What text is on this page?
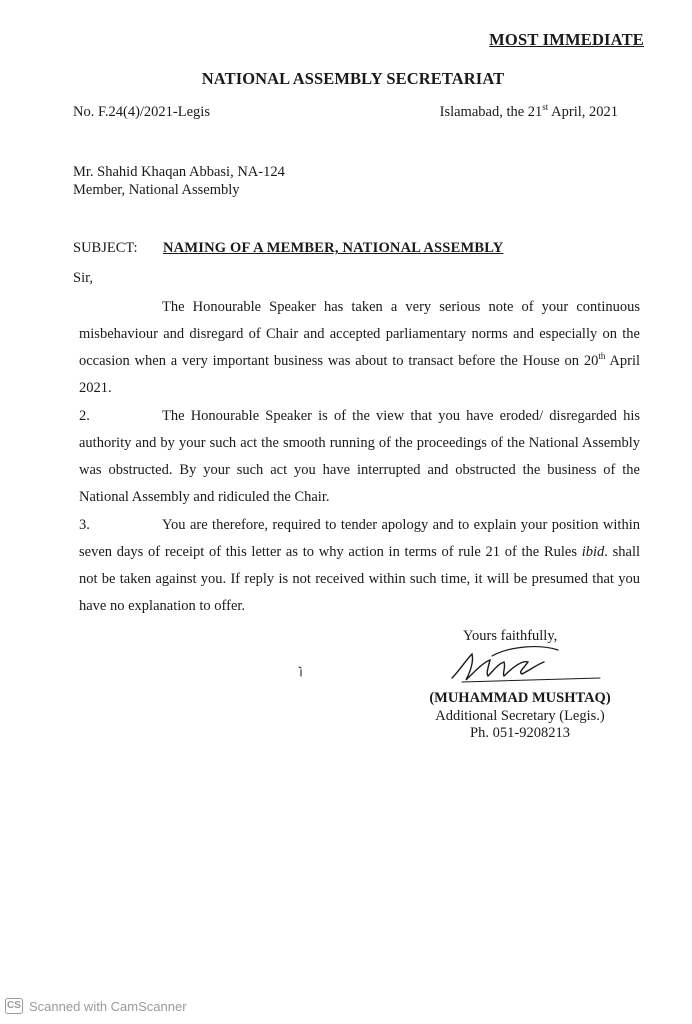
MOST IMMEDIATE
NATIONAL ASSEMBLY SECRETARIAT
No. F.24(4)/2021-Legis	Islamabad, the 21st April, 2021
Mr. Shahid Khaqan Abbasi, NA-124
Member, National Assembly
SUBJECT: NAMING OF A MEMBER, NATIONAL ASSEMBLY
Sir,
The Honourable Speaker has taken a very serious note of your continuous misbehaviour and disregard of Chair and accepted parliamentary norms and especially on the occasion when a very important business was about to transact before the House on 20th April 2021.
2.	The Honourable Speaker is of the view that you have eroded/ disregarded his authority and by your such act the smooth running of the proceedings of the National Assembly was obstructed. By your such act you have interrupted and obstructed the business of the National Assembly and ridiculed the Chair.
3.	You are therefore, required to tender apology and to explain your position within seven days of receipt of this letter as to why action in terms of rule 21 of the Rules ibid. shall not be taken against you. If reply is not received within such time, it will be presumed that you have no explanation to offer.
Yours faithfully,
(MUHAMMAD MUSHTAQ)
Additional Secretary (Legis.)
Ph. 051-9208213
CS Scanned with CamScanner
